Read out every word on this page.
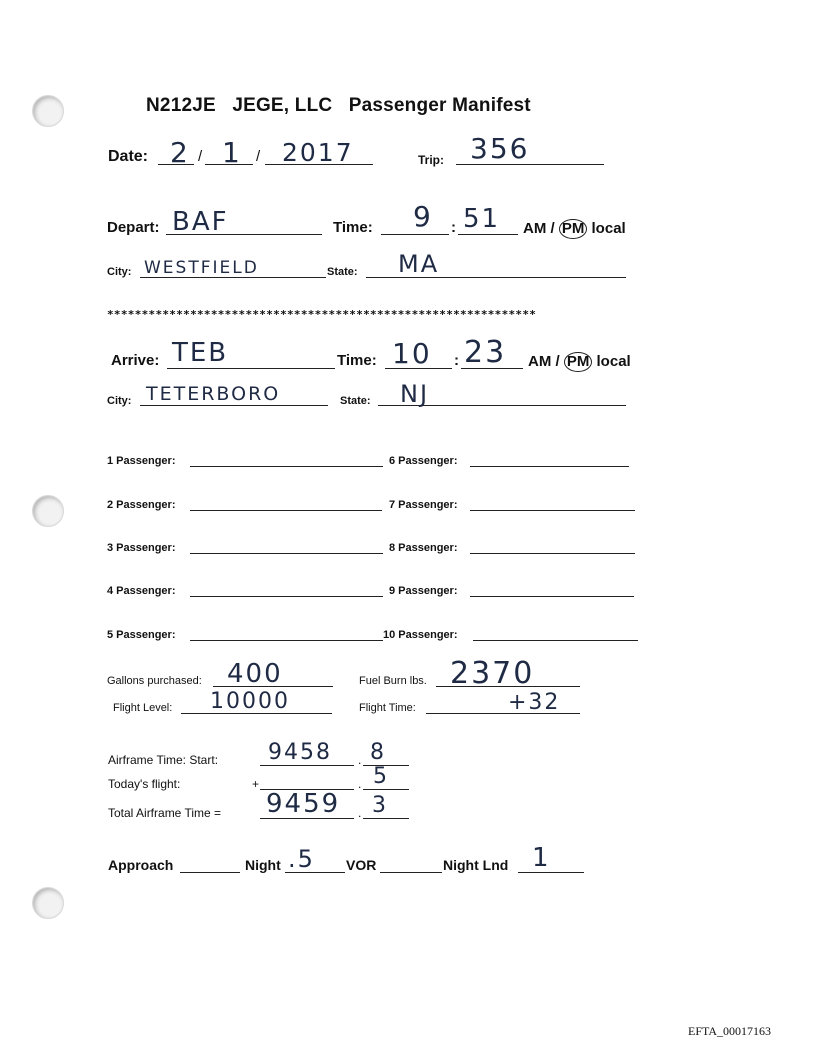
N212JE JEGE, LLC Passenger Manifest
Date: 2 / 1 / 2017	Trip: 356
Depart: BAF	Time: 9 : 51 AM / PM local
City: WESTFIELD	State: MA
**************************************************************
Arrive: TEB	Time: 10 : 23 AM / PM local
City: TETERBORO	State: NJ
1 Passenger:	6 Passenger:
2 Passenger:	7 Passenger:
3 Passenger:	8 Passenger:
4 Passenger:	9 Passenger:
5 Passenger:	10 Passenger:
Gallons purchased: 400	Fuel Burn lbs. 2370
Flight Level: 10000	Flight Time:	+32
Airframe Time: Start: 9458 . 8
Today's flight:	+	. 5
Total Airframe Time = 9459 . 3
Approach	Night .5 VOR	Night Lnd 1
EFTA_00017163
